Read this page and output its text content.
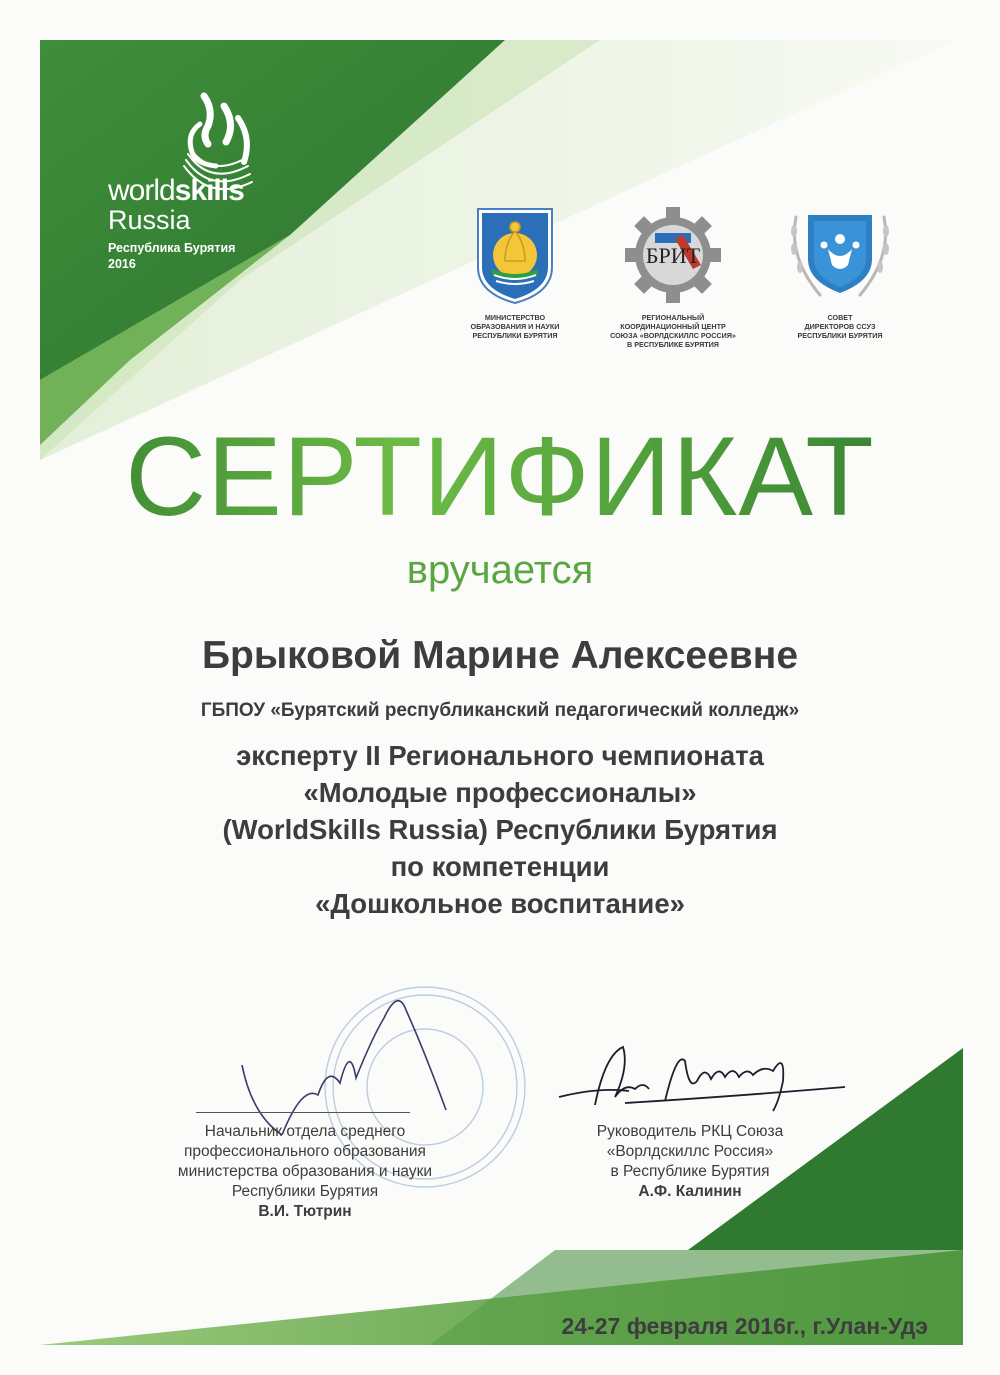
worldskills
Russia
Республика Бурятия
2016
МИНИСТЕРСТВО
ОБРАЗОВАНИЯ И НАУКИ
РЕСПУБЛИКИ БУРЯТИЯ
БРИТ
РЕГИОНАЛЬНЫЙ
КООРДИНАЦИОННЫЙ ЦЕНТР
СОЮЗА «ВОРЛДСКИЛЛС РОССИЯ»
В РЕСПУБЛИКЕ БУРЯТИЯ
СОВЕТ
ДИРЕКТОРОВ ССУЗ
РЕСПУБЛИКИ БУРЯТИЯ
СЕРТИФИКАТ
вручается
Брыковой Марине Алексеевне
ГБПОУ «Бурятский республиканский педагогический колледж»
эксперту II Регионального чемпионата
«Молодые профессионалы»
(WorldSkills Russia) Республики Бурятия
по компетенции
«Дошкольное воспитание»
Начальник отдела среднего
профессионального образования
министерства образования и науки
Республики Бурятия
В.И. Тютрин
Руководитель РКЦ Союза
«Ворлдскиллс Россия»
в Республике Бурятия
А.Ф. Калинин
24-27 февраля 2016г., г.Улан-Удэ
